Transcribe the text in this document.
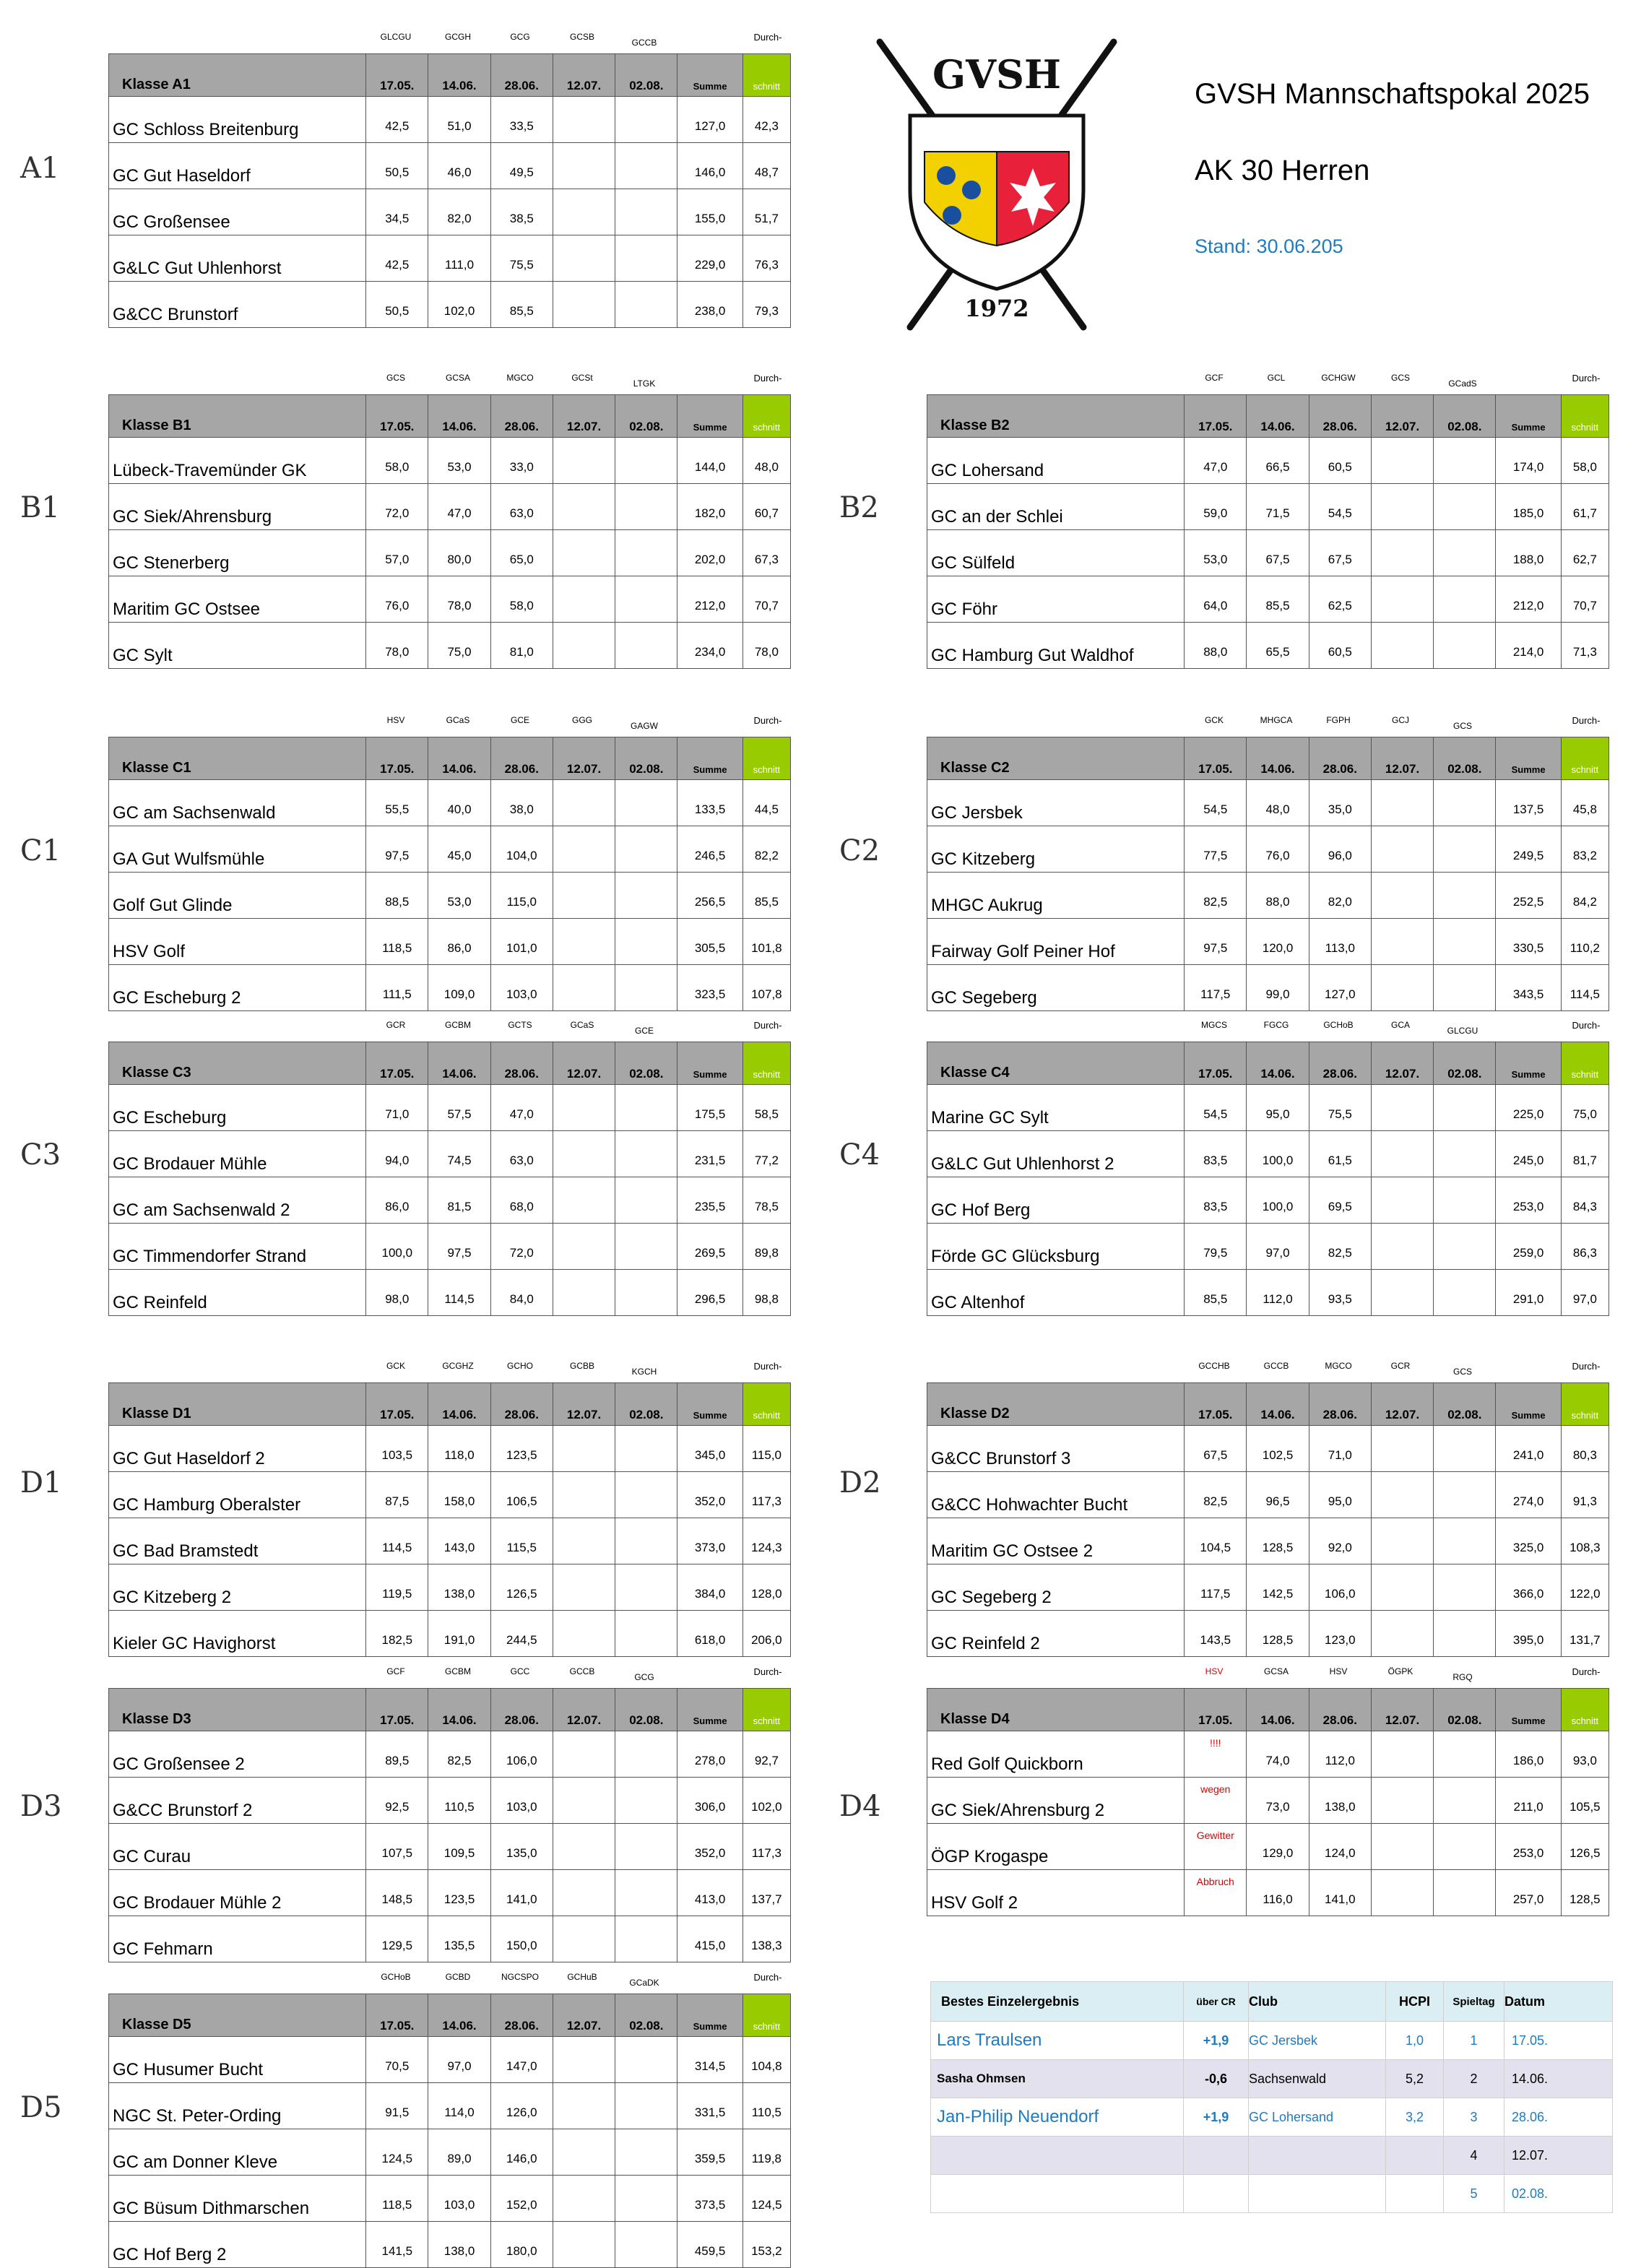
GVSH
1972
GVSH Mannschaftspokal 2025
AK 30 Herren
Stand: 30.06.205
A1
GLCGU	GCGH	GCG	GCSB
GCCB	Durch-
Klasse A1	17.05.	14.06.	28.06.	12.07.	02.08.	Summe	schnitt
GC Schloss Breitenburg	42,5	51,0	33,5			127,0	42,3
GC Gut Haseldorf	50,5	46,0	49,5			146,0	48,7
GC Großensee	34,5	82,0	38,5			155,0	51,7
G&LC Gut Uhlenhorst	42,5	111,0	75,5			229,0	76,3
G&CC Brunstorf	50,5	102,0	85,5			238,0	79,3
B1
GCS	GCSA	MGCO	GCSt
LTGK	Durch-
Klasse B1	17.05.	14.06.	28.06.	12.07.	02.08.	Summe	schnitt
Lübeck-Travemünder GK	58,0	53,0	33,0			144,0	48,0
GC Siek/Ahrensburg	72,0	47,0	63,0			182,0	60,7
GC Stenerberg	57,0	80,0	65,0			202,0	67,3
Maritim GC Ostsee	76,0	78,0	58,0			212,0	70,7
GC Sylt	78,0	75,0	81,0			234,0	78,0
B2
GCF	GCL	GCHGW	GCS
GCadS	Durch-
Klasse B2	17.05.	14.06.	28.06.	12.07.	02.08.	Summe	schnitt
GC Lohersand	47,0	66,5	60,5			174,0	58,0
GC an der Schlei	59,0	71,5	54,5			185,0	61,7
GC Sülfeld	53,0	67,5	67,5			188,0	62,7
GC Föhr	64,0	85,5	62,5			212,0	70,7
GC Hamburg Gut Waldhof	88,0	65,5	60,5			214,0	71,3
C1
HSV	GCaS	GCE	GGG
GAGW	Durch-
Klasse C1	17.05.	14.06.	28.06.	12.07.	02.08.	Summe	schnitt
GC am Sachsenwald	55,5	40,0	38,0			133,5	44,5
GA Gut Wulfsmühle	97,5	45,0	104,0			246,5	82,2
Golf Gut Glinde	88,5	53,0	115,0			256,5	85,5
HSV Golf	118,5	86,0	101,0			305,5	101,8
GC Escheburg 2	111,5	109,0	103,0			323,5	107,8
C2
GCK	MHGCA	FGPH	GCJ
GCS	Durch-
Klasse C2	17.05.	14.06.	28.06.	12.07.	02.08.	Summe	schnitt
GC Jersbek	54,5	48,0	35,0			137,5	45,8
GC Kitzeberg	77,5	76,0	96,0			249,5	83,2
MHGC Aukrug	82,5	88,0	82,0			252,5	84,2
Fairway Golf Peiner Hof	97,5	120,0	113,0			330,5	110,2
GC Segeberg	117,5	99,0	127,0			343,5	114,5
C3
GCR	GCBM	GCTS	GCaS
GCE	Durch-
Klasse C3	17.05.	14.06.	28.06.	12.07.	02.08.	Summe	schnitt
GC Escheburg	71,0	57,5	47,0			175,5	58,5
GC Brodauer Mühle	94,0	74,5	63,0			231,5	77,2
GC am Sachsenwald 2	86,0	81,5	68,0			235,5	78,5
GC Timmendorfer Strand	100,0	97,5	72,0			269,5	89,8
GC Reinfeld	98,0	114,5	84,0			296,5	98,8
C4
MGCS	FGCG	GCHoB	GCA
GLCGU	Durch-
Klasse C4	17.05.	14.06.	28.06.	12.07.	02.08.	Summe	schnitt
Marine GC Sylt	54,5	95,0	75,5			225,0	75,0
G&LC Gut Uhlenhorst 2	83,5	100,0	61,5			245,0	81,7
GC Hof Berg	83,5	100,0	69,5			253,0	84,3
Förde GC Glücksburg	79,5	97,0	82,5			259,0	86,3
GC Altenhof	85,5	112,0	93,5			291,0	97,0
D1
GCK	GCGHZ	GCHO	GCBB
KGCH	Durch-
Klasse D1	17.05.	14.06.	28.06.	12.07.	02.08.	Summe	schnitt
GC Gut Haseldorf 2	103,5	118,0	123,5			345,0	115,0
GC Hamburg Oberalster	87,5	158,0	106,5			352,0	117,3
GC Bad Bramstedt	114,5	143,0	115,5			373,0	124,3
GC Kitzeberg 2	119,5	138,0	126,5			384,0	128,0
Kieler GC Havighorst	182,5	191,0	244,5			618,0	206,0
D2
GCCHB	GCCB	MGCO	GCR
GCS	Durch-
Klasse D2	17.05.	14.06.	28.06.	12.07.	02.08.	Summe	schnitt
G&CC Brunstorf 3	67,5	102,5	71,0			241,0	80,3
G&CC Hohwachter Bucht	82,5	96,5	95,0			274,0	91,3
Maritim GC Ostsee 2	104,5	128,5	92,0			325,0	108,3
GC Segeberg 2	117,5	142,5	106,0			366,0	122,0
GC Reinfeld 2	143,5	128,5	123,0			395,0	131,7
D3
GCF	GCBM	GCC	GCCB
GCG	Durch-
Klasse D3	17.05.	14.06.	28.06.	12.07.	02.08.	Summe	schnitt
GC Großensee 2	89,5	82,5	106,0			278,0	92,7
G&CC Brunstorf 2	92,5	110,5	103,0			306,0	102,0
GC Curau	107,5	109,5	135,0			352,0	117,3
GC Brodauer Mühle 2	148,5	123,5	141,0			413,0	137,7
GC Fehmarn	129,5	135,5	150,0			415,0	138,3
D4
HSV	GCSA	HSV	ÖGPK
RGQ	Durch-
Klasse D4	17.05.	14.06.	28.06.	12.07.	02.08.	Summe	schnitt
Red Golf Quickborn	!!!!	74,0	112,0			186,0	93,0
GC Siek/Ahrensburg 2	wegen	73,0	138,0			211,0	105,5
ÖGP Krogaspe	Gewitter	129,0	124,0			253,0	126,5
HSV Golf 2	Abbruch	116,0	141,0			257,0	128,5
D5
GCHoB	GCBD	NGCSPO	GCHuB
GCaDK	Durch-
Klasse D5	17.05.	14.06.	28.06.	12.07.	02.08.	Summe	schnitt
GC Husumer Bucht	70,5	97,0	147,0			314,5	104,8
NGC St. Peter-Ording	91,5	114,0	126,0			331,5	110,5
GC am Donner Kleve	124,5	89,0	146,0			359,5	119,8
GC Büsum Dithmarschen	118,5	103,0	152,0			373,5	124,5
GC Hof Berg 2	141,5	138,0	180,0			459,5	153,2
Bestes Einzelergebnis	über CR	Club	HCPI	Spieltag	Datum
Lars Traulsen	+1,9	GC Jersbek	1,0	1	17.05.
Sasha Ohmsen	-0,6	Sachsenwald	5,2	2	14.06.
Jan-Philip Neuendorf	+1,9	GC Lohersand	3,2	3	28.06.
				4	12.07.
				5	02.08.
